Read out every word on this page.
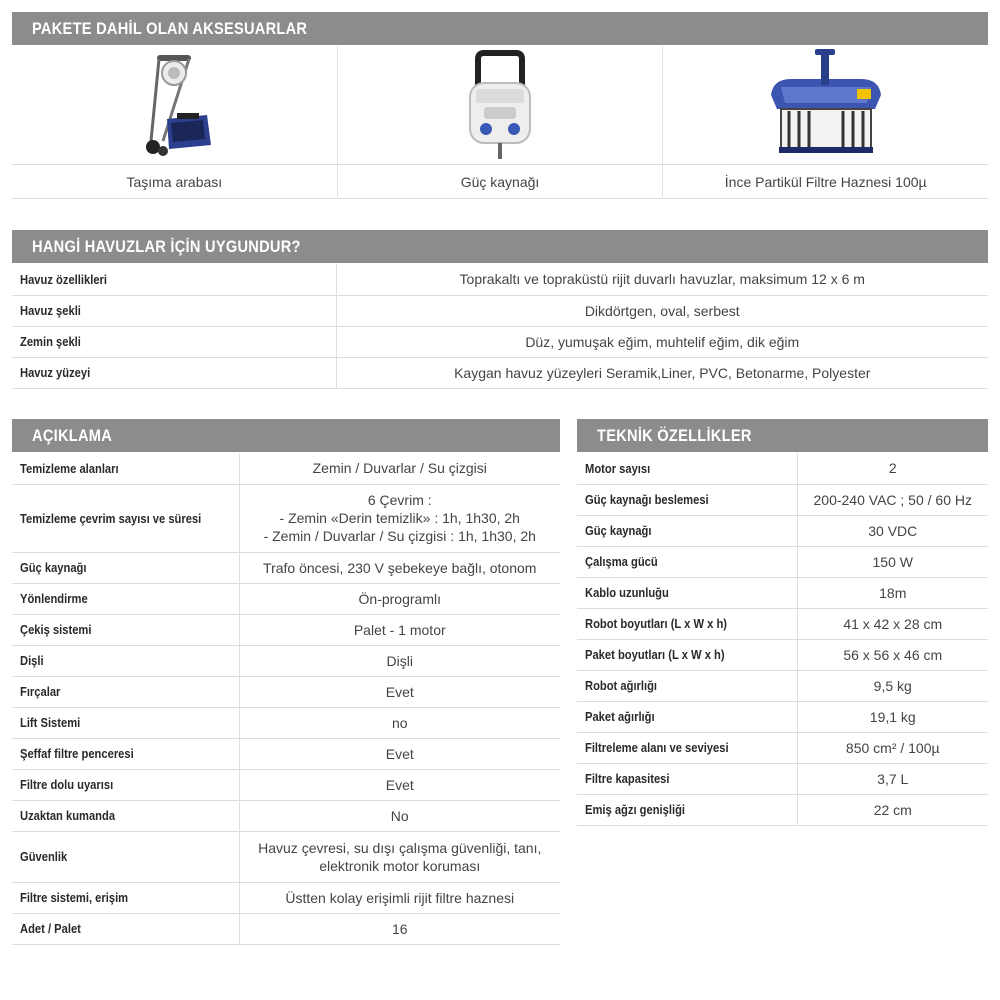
PAKETE DAHİL OLAN AKSESUARLAR
Taşıma arabası	Güç kaynağı	İnce Partikül Filtre Haznesi 100µ
HANGİ HAVUZLAR İÇİN UYGUNDUR?
Havuz özellikleri	Toprakaltı ve topraküstü rijit duvarlı havuzlar, maksimum 12 x 6 m
Havuz şekli	Dikdörtgen, oval, serbest
Zemin şekli	Düz, yumuşak eğim, muhtelif eğim, dik eğim
Havuz yüzeyi	Kaygan havuz yüzeyleri Seramik,Liner, PVC, Betonarme, Polyester
AÇIKLAMA
Temizleme alanları	Zemin / Duvarlar / Su çizgisi

Temizleme çevrim sayısı ve süresi	6 Çevrim :
- Zemin «Derin temizlik» : 1h, 1h30, 2h
- Zemin / Duvarlar / Su çizgisi : 1h, 1h30, 2h

Güç kaynağı	Trafo öncesi, 230 V şebekeye bağlı, otonom

Yönlendirme	Ön-programlı

Çekiş sistemi	Palet - 1 motor

Dişli	Dişli

Fırçalar	Evet

Lift Sistemi	no

Şeffaf filtre penceresi	Evet

Filtre dolu uyarısı	Evet

Uzaktan kumanda	No

Güvenlik	Havuz çevresi, su dışı çalışma güvenliği, tanı,
elektronik motor koruması

Filtre sistemi, erişim	Üstten kolay erişimli rijit filtre haznesi

Adet / Palet	16
TEKNİK ÖZELLİKLER
Motor sayısı	2
Güç kaynağı beslemesi	200-240 VAC ; 50 / 60 Hz
Güç kaynağı	30 VDC
Çalışma gücü	150 W
Kablo uzunluğu	18m
Robot boyutları (L x W x h)	41 x 42 x 28 cm
Paket boyutları (L x W x h)	56 x 56 x 46 cm
Robot ağırlığı	9,5 kg
Paket ağırlığı	19,1 kg
Filtreleme alanı ve seviyesi	850 cm² / 100µ
Filtre kapasitesi	3,7 L
Emiş ağzı genişliği	22 cm
